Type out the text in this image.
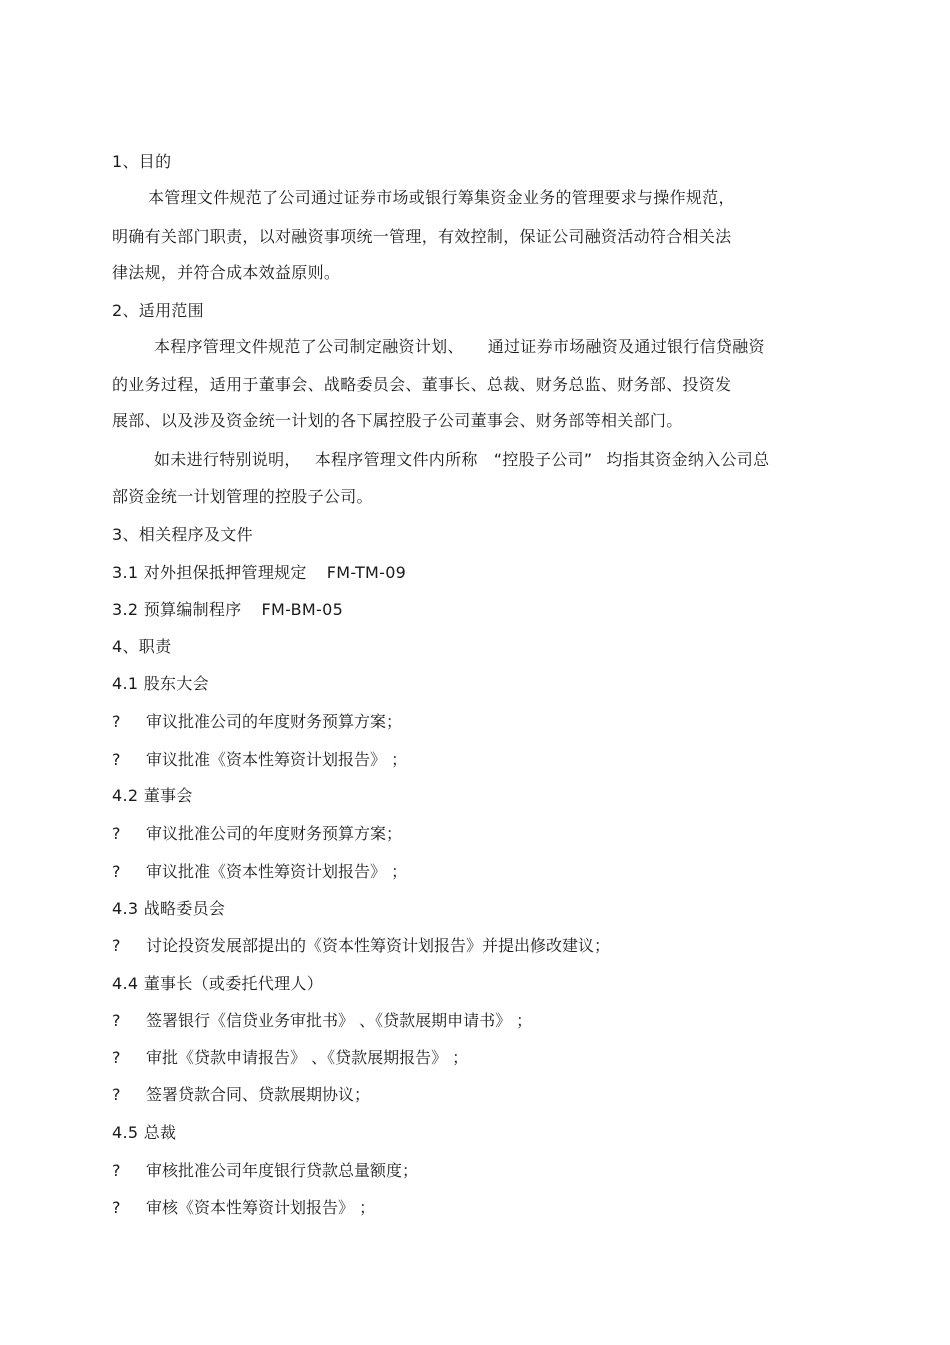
1、目的
本管理文件规范了公司通过证券市场或银行筹集资金业务的管理要求与操作规范，
明确有关部门职责，以对融资事项统一管理，有效控制，保证公司融资活动符合相关法
律法规，并符合成本效益原则。
2、适用范围
本程序管理文件规范了公司制定融资计划、 通过证券市场融资及通过银行信贷融资
的业务过程，适用于董事会、战略委员会、董事长、总裁、财务总监、财务部、投资发
展部、以及涉及资金统一计划的各下属控股子公司董事会、财务部等相关部门。
如未进行特别说明， 本程序管理文件内所称 “控股子公司” 均指其资金纳入公司总
部资金统一计划管理的控股子公司。
3、相关程序及文件
3.1 对外担保抵押管理规定 FM-TM-09
3.2 预算编制程序 FM-BM-05
4、职责
4.1 股东大会
? 审议批准公司的年度财务预算方案；
? 审议批准《资本性筹资计划报告》 ；
4.2 董事会
? 审议批准公司的年度财务预算方案；
? 审议批准《资本性筹资计划报告》 ；
4.3 战略委员会
? 讨论投资发展部提出的《资本性筹资计划报告》并提出修改建议；
4.4 董事长（或委托代理人）
? 签署银行《信贷业务审批书》 、《贷款展期申请书》 ；
? 审批《贷款申请报告》 、《贷款展期报告》 ；
? 签署贷款合同、贷款展期协议；
4.5 总裁
? 审核批准公司年度银行贷款总量额度；
? 审核《资本性筹资计划报告》 ；
